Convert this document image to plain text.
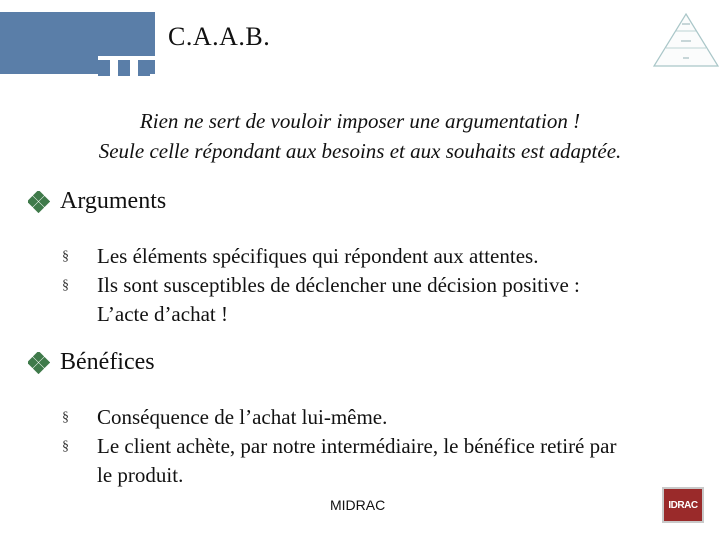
C.A.A.B.
Rien ne sert de vouloir imposer une argumentation !
Seule celle répondant aux besoins et aux souhaits est adaptée.
Arguments
§ Les éléments spécifiques qui répondent aux attentes.
§ Ils sont susceptibles de déclencher une décision positive :
L’acte d’achat !
Bénéfices
§ Conséquence de l’achat lui-même.
§ Le client achète, par notre intermédiaire, le bénéfice retiré par
le produit.
MIDRAC	IDRAC
